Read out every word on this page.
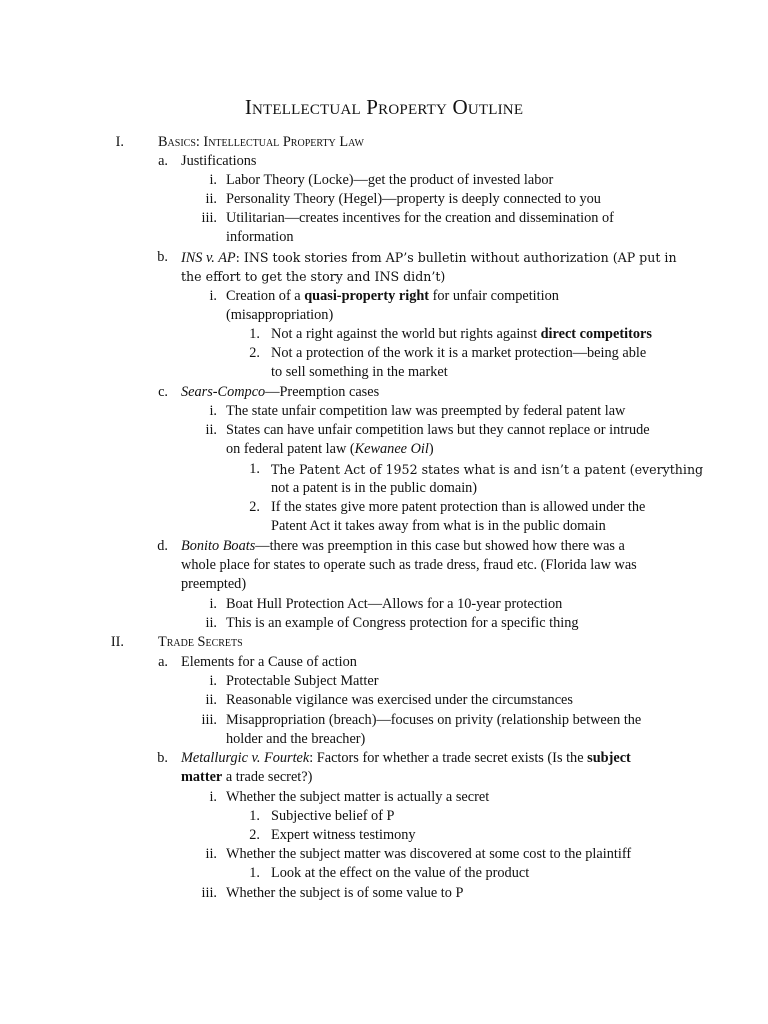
Intellectual Property Outline
I. Basics: Intellectual Property Law
a. Justifications
i. Labor Theory (Locke)—get the product of invested labor
ii. Personality Theory (Hegel)—property is deeply connected to you
iii. Utilitarian—creates incentives for the creation and dissemination of
information
b. INS v. AP: INS took stories from AP’s bulletin without authorization (AP put in
the effort to get the story and INS didn’t)
i. Creation of a quasi-property right for unfair competition
(misappropriation)
1. Not a right against the world but rights against direct competitors
2. Not a protection of the work it is a market protection—being able
to sell something in the market
c. Sears-Compco—Preemption cases
i. The state unfair competition law was preempted by federal patent law
ii. States can have unfair competition laws but they cannot replace or intrude
on federal patent law (Kewanee Oil)
1. The Patent Act of 1952 states what is and isn’t a patent (everything
not a patent is in the public domain)
2. If the states give more patent protection than is allowed under the
Patent Act it takes away from what is in the public domain
d. Bonito Boats—there was preemption in this case but showed how there was a
whole place for states to operate such as trade dress, fraud etc. (Florida law was
preempted)
i. Boat Hull Protection Act—Allows for a 10-year protection
ii. This is an example of Congress protection for a specific thing
II. Trade Secrets
a. Elements for a Cause of action
i. Protectable Subject Matter
ii. Reasonable vigilance was exercised under the circumstances
iii. Misappropriation (breach)—focuses on privity (relationship between the
holder and the breacher)
b. Metallurgic v. Fourtek: Factors for whether a trade secret exists (Is the subject
matter a trade secret?)
i. Whether the subject matter is actually a secret
1. Subjective belief of P
2. Expert witness testimony
ii. Whether the subject matter was discovered at some cost to the plaintiff
1. Look at the effect on the value of the product
iii. Whether the subject is of some value to P
